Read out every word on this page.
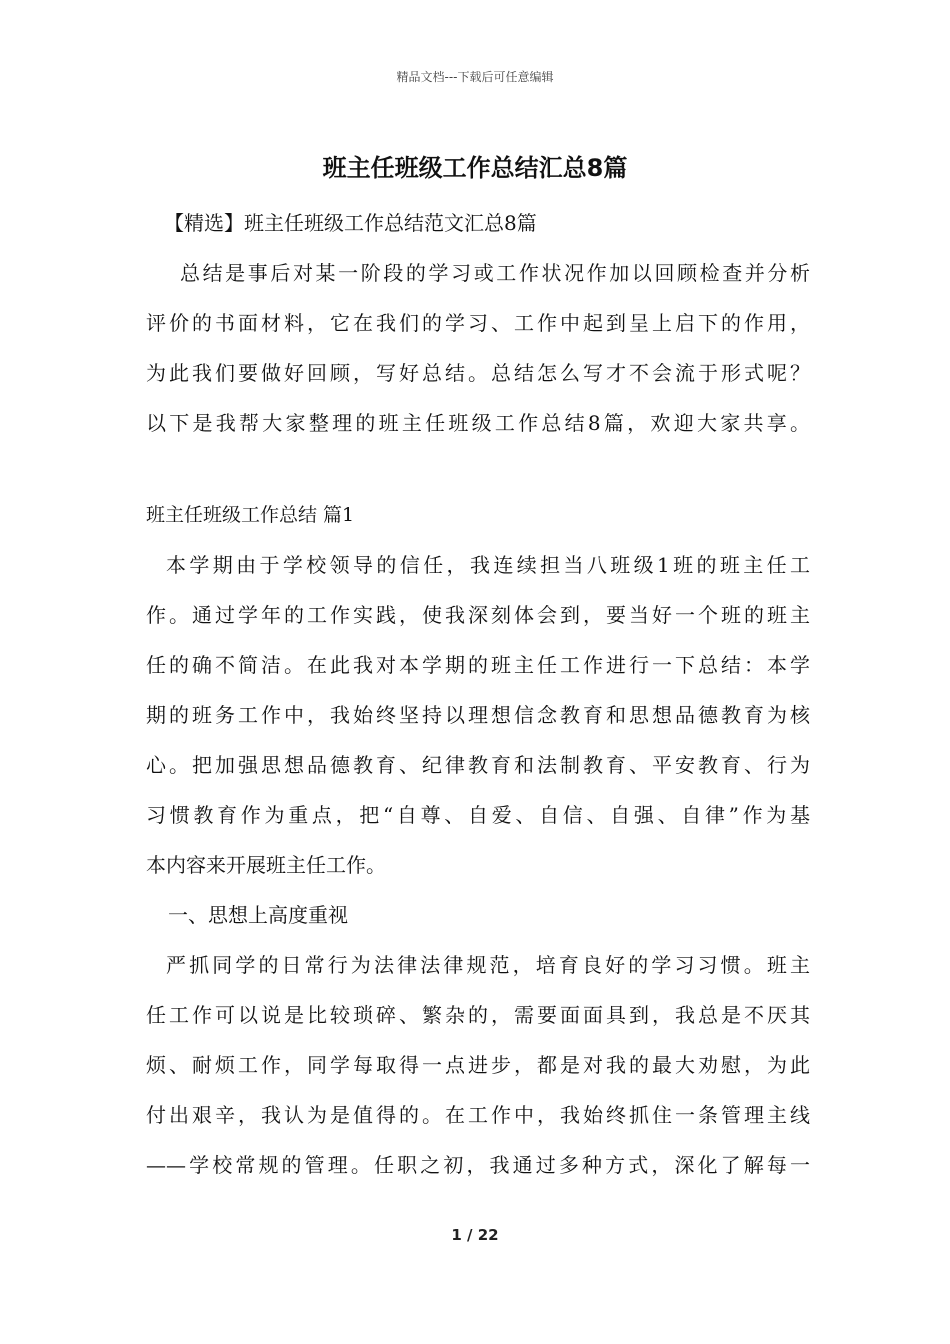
精品文档---下载后可任意编辑
班主任班级工作总结汇总8篇
【精选】班主任班级工作总结范文汇总8篇
总结是事后对某一阶段的学习或工作状况作加以回顾检查并分析
评价的书面材料，它在我们的学习、工作中起到呈上启下的作用，
为此我们要做好回顾，写好总结。总结怎么写才不会流于形式呢？
以下是我帮大家整理的班主任班级工作总结8篇，欢迎大家共享。
班主任班级工作总结 篇1
本学期由于学校领导的信任，我连续担当八班级1班的班主任工
作。通过学年的工作实践，使我深刻体会到，要当好一个班的班主
任的确不简洁。在此我对本学期的班主任工作进行一下总结：本学
期的班务工作中，我始终坚持以理想信念教育和思想品德教育为核
心。把加强思想品德教育、纪律教育和法制教育、平安教育、行为
习惯教育作为重点，把“自尊、自爱、自信、自强、自律”作为基
本内容来开展班主任工作。
一、思想上高度重视
严抓同学的日常行为法律法律规范，培育良好的学习习惯。班主
任工作可以说是比较琐碎、繁杂的，需要面面具到，我总是不厌其
烦、耐烦工作，同学每取得一点进步，都是对我的最大劝慰，为此
付出艰辛，我认为是值得的。在工作中，我始终抓住一条管理主线
——学校常规的管理。任职之初，我通过多种方式，深化了解每一
1 / 22
